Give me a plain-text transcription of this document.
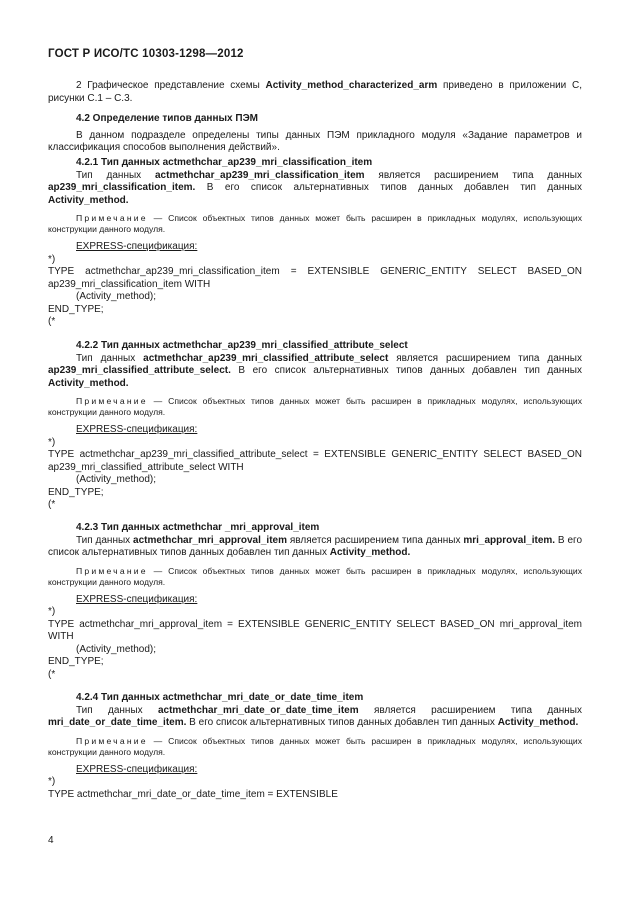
ГОСТ Р ИСО/ТС 10303-1298—2012

2 Графическое представление схемы Activity_method_characterized_arm приведено в приложении С, рисунки С.1 – С.3.

4.2 Определение типов данных ПЭМ

В данном подразделе определены типы данных ПЭМ прикладного модуля «Задание параметров и классификация способов выполнения действий».

4.2.1 Тип данных actmethchar_ap239_mri_classification_item

Тип данных actmethchar_ap239_mri_classification_item является расширением типа данных ap239_mri_classification_item. В его список альтернативных типов данных добавлен тип данных Activity_method.

Примечание — Список объектных типов данных может быть расширен в прикладных модулях, использующих конструкции данного модуля.

EXPRESS-спецификация:

*)

TYPE actmethchar_ap239_mri_classification_item = EXTENSIBLE GENERIC_ENTITY SELECT BASED_ON ap239_mri_classification_item WITH

(Activity_method);

END_TYPE;

(*

4.2.2 Тип данных actmethchar_ap239_mri_classified_attribute_select

Тип данных actmethchar_ap239_mri_classified_attribute_select является расширением типа данных ap239_mri_classified_attribute_select. В его список альтернативных типов данных добавлен тип данных Activity_method.

Примечание — Список объектных типов данных может быть расширен в прикладных модулях, использующих конструкции данного модуля.

EXPRESS-спецификация:

*)

TYPE actmethchar_ap239_mri_classified_attribute_select = EXTENSIBLE GENERIC_ENTITY SELECT BASED_ON ap239_mri_classified_attribute_select WITH

(Activity_method);

END_TYPE;

(*

4.2.3 Тип данных actmethchar _mri_approval_item

Тип данных actmethchar_mri_approval_item является расширением типа данных mri_approval_item. В его список альтернативных типов данных добавлен тип данных Activity_method.

Примечание — Список объектных типов данных может быть расширен в прикладных модулях, использующих конструкции данного модуля.

EXPRESS-спецификация:

*)

TYPE actmethchar_mri_approval_item = EXTENSIBLE GENERIC_ENTITY SELECT BASED_ON mri_approval_item WITH

(Activity_method);

END_TYPE;

(*

4.2.4 Тип данных actmethchar_mri_date_or_date_time_item

Тип данных actmethchar_mri_date_or_date_time_item является расширением типа данных mri_date_or_date_time_item. В его список альтернативных типов данных добавлен тип данных Activity_method.

Примечание — Список объектных типов данных может быть расширен в прикладных модулях, использующих конструкции данного модуля.

EXPRESS-спецификация:

*)

TYPE actmethchar_mri_date_or_date_time_item = EXTENSIBLE

4
